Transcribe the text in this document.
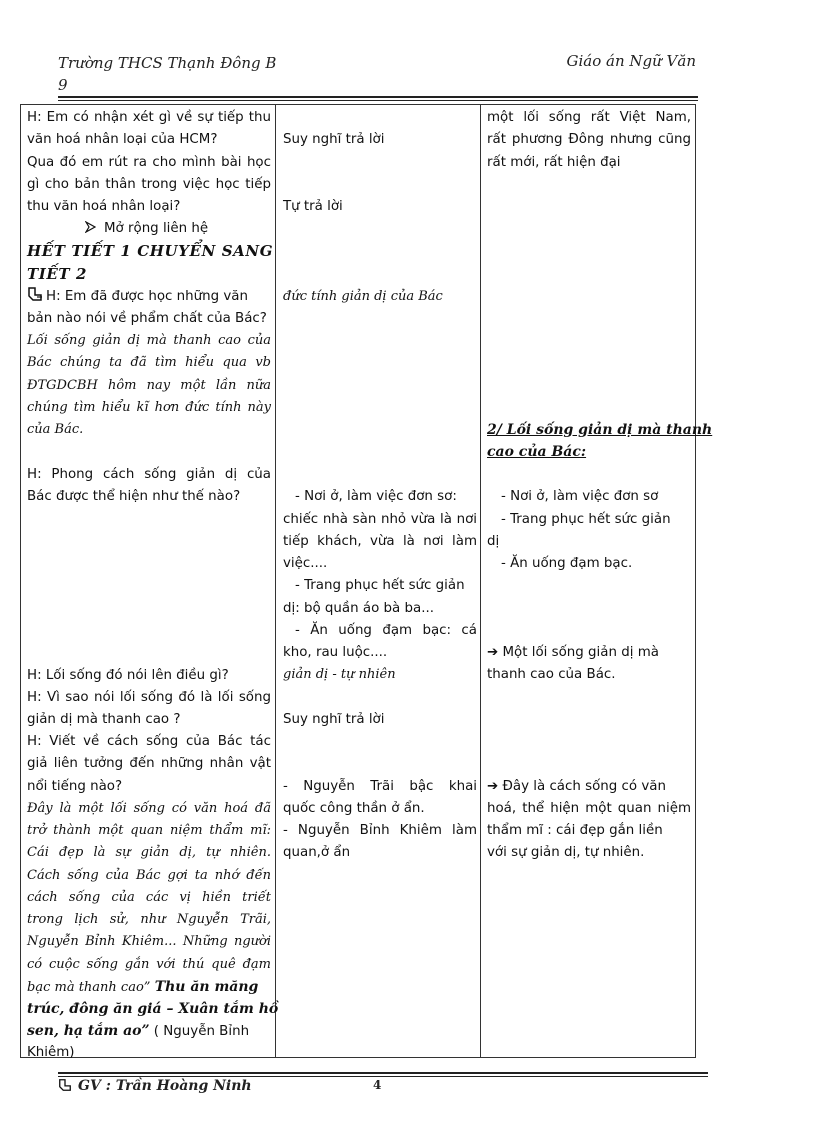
Trường THCS Thạnh Đông B
9
Giáo án Ngữ Văn
H: Em có nhận xét gì về sự tiếp thu
văn hoá nhân loại của HCM?
Qua đó em rút ra cho mình bài học
gì cho bản thân trong việc học tiếp
thu văn hoá nhân loại?
Mở rộng liên hệ
HẾT TIẾT 1 CHUYỂN SANG
TIẾT 2
H: Em đã được học những văn
bản nào nói về phẩm chất của Bác?
Lối sống giản dị mà thanh cao của
Bác chúng ta đã tìm hiểu qua vb
ĐTGDCBH hôm nay một lần nữa
chúng tìm hiểu kĩ hơn đức tính này
của Bác.
H: Phong cách sống giản dị của
Bác được thể hiện như thế nào?
H: Lối sống đó nói lên điều gì?
H: Vì sao nói lối sống đó là lối sống
giản dị mà thanh cao ?
H: Viết về cách sống của Bác tác
giả liên tưởng đến những nhân vật
nổi tiếng nào?
Đây là một lối sống có văn hoá đã
trở thành một quan niệm thẩm mĩ:
Cái đẹp là sự giản dị, tự nhiên.
Cách sống của Bác gợi ta nhớ đến
cách sống của các vị hiền triết
trong lịch sử, như Nguyễn Trãi,
Nguyễn Bỉnh Khiêm... Những người
có cuộc sống gắn với thú quê đạm
bạc mà thanh cao” Thu ăn măng
trúc, đông ăn giá – Xuân tắm hồ
sen, hạ tắm ao” ( Nguyễn Bỉnh
Khiêm)
Suy nghĩ trả lời
Tự trả lời
đức tính giản dị của Bác
- Nơi ở, làm việc đơn sơ:
chiếc nhà sàn nhỏ vừa là nơi
tiếp khách, vừa là nơi làm
việc....
- Trang phục hết sức giản
dị: bộ quần áo bà ba...
- Ăn uống đạm bạc: cá
kho, rau luộc....
giản dị - tự nhiên
Suy nghĩ trả lời
- Nguyễn Trãi bậc khai
quốc công thần ở ẩn.
- Nguyễn Bỉnh Khiêm làm
quan,ở ẩn
một lối sống rất Việt Nam,
rất phương Đông nhưng cũng
rất mới, rất hiện đại
2/ Lối sống giản dị mà thanh
cao của Bác:
- Nơi ở, làm việc đơn sơ
- Trang phục hết sức giản
dị
- Ăn uống đạm bạc.
➔ Một lối sống giản dị mà
thanh cao của Bác.
➔ Đây là cách sống có văn
hoá, thể hiện một quan niệm
thẩm mĩ : cái đẹp gắn liền
với sự giản dị, tự nhiên.
GV : Trần Hoàng Ninh	4
